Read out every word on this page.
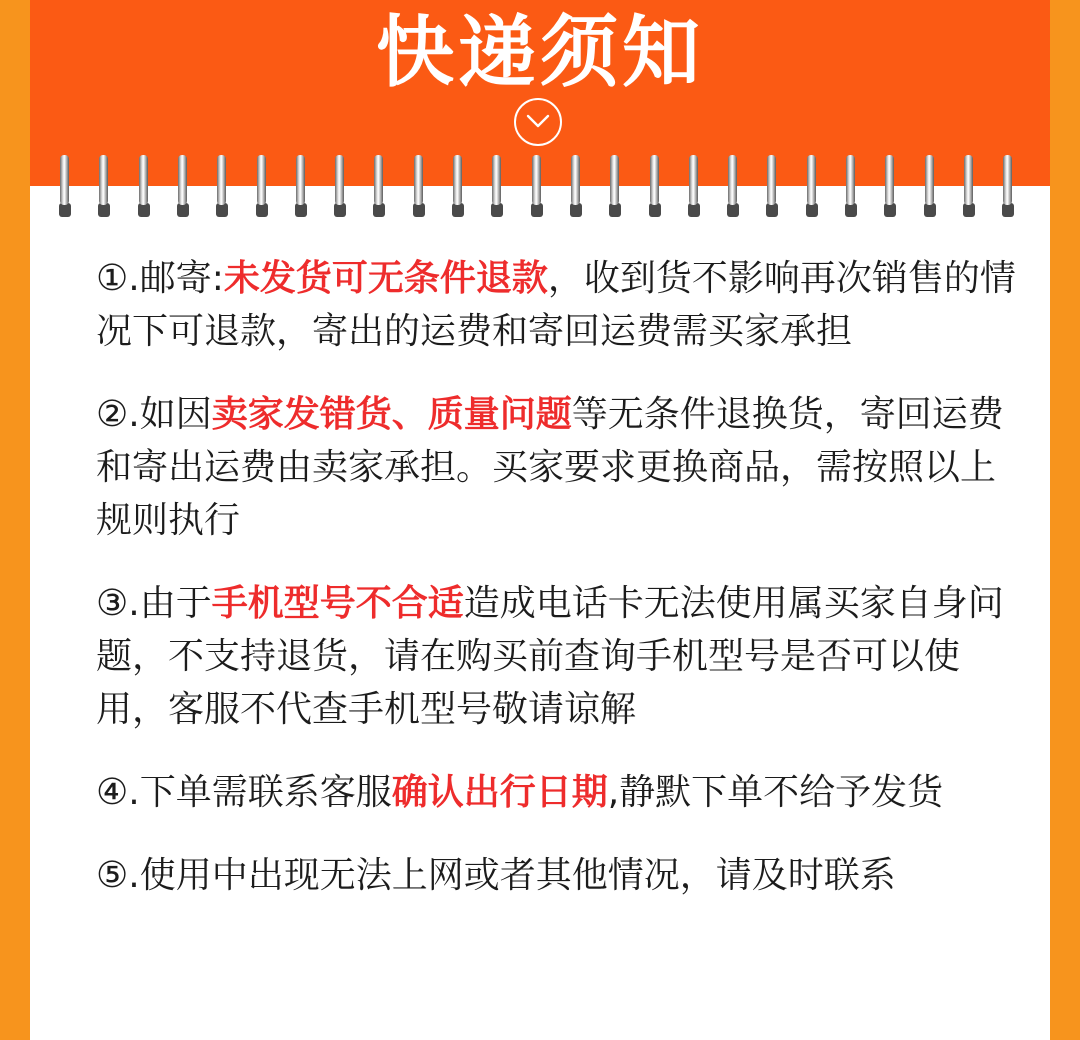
快递须知

①.邮寄:未发货可无条件退款，收到货不影响再次销售的情况下可退款，寄出的运费和寄回运费需买家承担

②.如因卖家发错货、质量问题等无条件退换货，寄回运费和寄出运费由卖家承担。买家要求更换商品，需按照以上规则执行

③.由于手机型号不合适造成电话卡无法使用属买家自身问题，不支持退货，请在购买前查询手机型号是否可以使用，客服不代查手机型号敬请谅解

④.下单需联系客服确认出行日期,静默下单不给予发货

⑤.使用中出现无法上网或者其他情况，请及时联系
